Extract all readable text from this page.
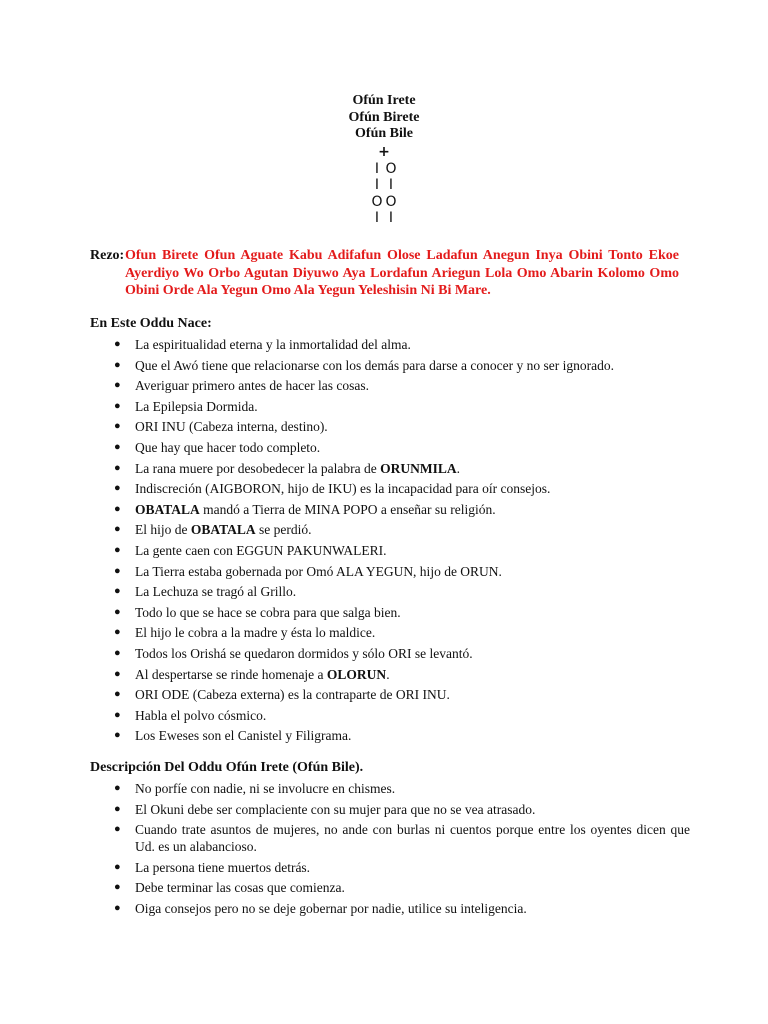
Ofún Irete
Ofún Birete
Ofún Bile
+
I O
I I
O O
I I
Rezo: Ofun Birete Ofun Aguate Kabu Adifafun Olose Ladafun Anegun Inya Obini Tonto Ekoe Ayerdiyo Wo Orbo Agutan Diyuwo Aya Lordafun Ariegun Lola Omo Abarin Kolomo Omo Obini Orde Ala Yegun Omo Ala Yegun Yeleshisin Ni Bi Mare.
En Este Oddu Nace:
● La espiritualidad eterna y la inmortalidad del alma.
● Que el Awó tiene que relacionarse con los demás para darse a conocer y no ser ignorado.
● Averiguar primero antes de hacer las cosas.
● La Epilepsia Dormida.
● ORI INU (Cabeza interna, destino).
● Que hay que hacer todo completo.
● La rana muere por desobedecer la palabra de ORUNMILA.
● Indiscreción (AIGBORON, hijo de IKU) es la incapacidad para oír consejos.
● OBATALA mandó a Tierra de MINA POPO a enseñar su religión.
● El hijo de OBATALA se perdió.
● La gente caen con EGGUN PAKUNWALERI.
● La Tierra estaba gobernada por Omó ALA YEGUN, hijo de ORUN.
● La Lechuza se tragó al Grillo.
● Todo lo que se hace se cobra para que salga bien.
● El hijo le cobra a la madre y ésta lo maldice.
● Todos los Orishá se quedaron dormidos y sólo ORI se levantó.
● Al despertarse se rinde homenaje a OLORUN.
● ORI ODE (Cabeza externa) es la contraparte de ORI INU.
● Habla el polvo cósmico.
● Los Eweses son el Canistel y Filigrama.
Descripción Del Oddu Ofún Irete (Ofún Bile).
● No porfíe con nadie, ni se involucre en chismes.
● El Okuni debe ser complaciente con su mujer para que no se vea atrasado.
● Cuando trate asuntos de mujeres, no ande con burlas ni cuentos porque entre los oyentes dicen que Ud. es un alabancioso.
● La persona tiene muertos detrás.
● Debe terminar las cosas que comienza.
● Oiga consejos pero no se deje gobernar por nadie, utilice su inteligencia.
